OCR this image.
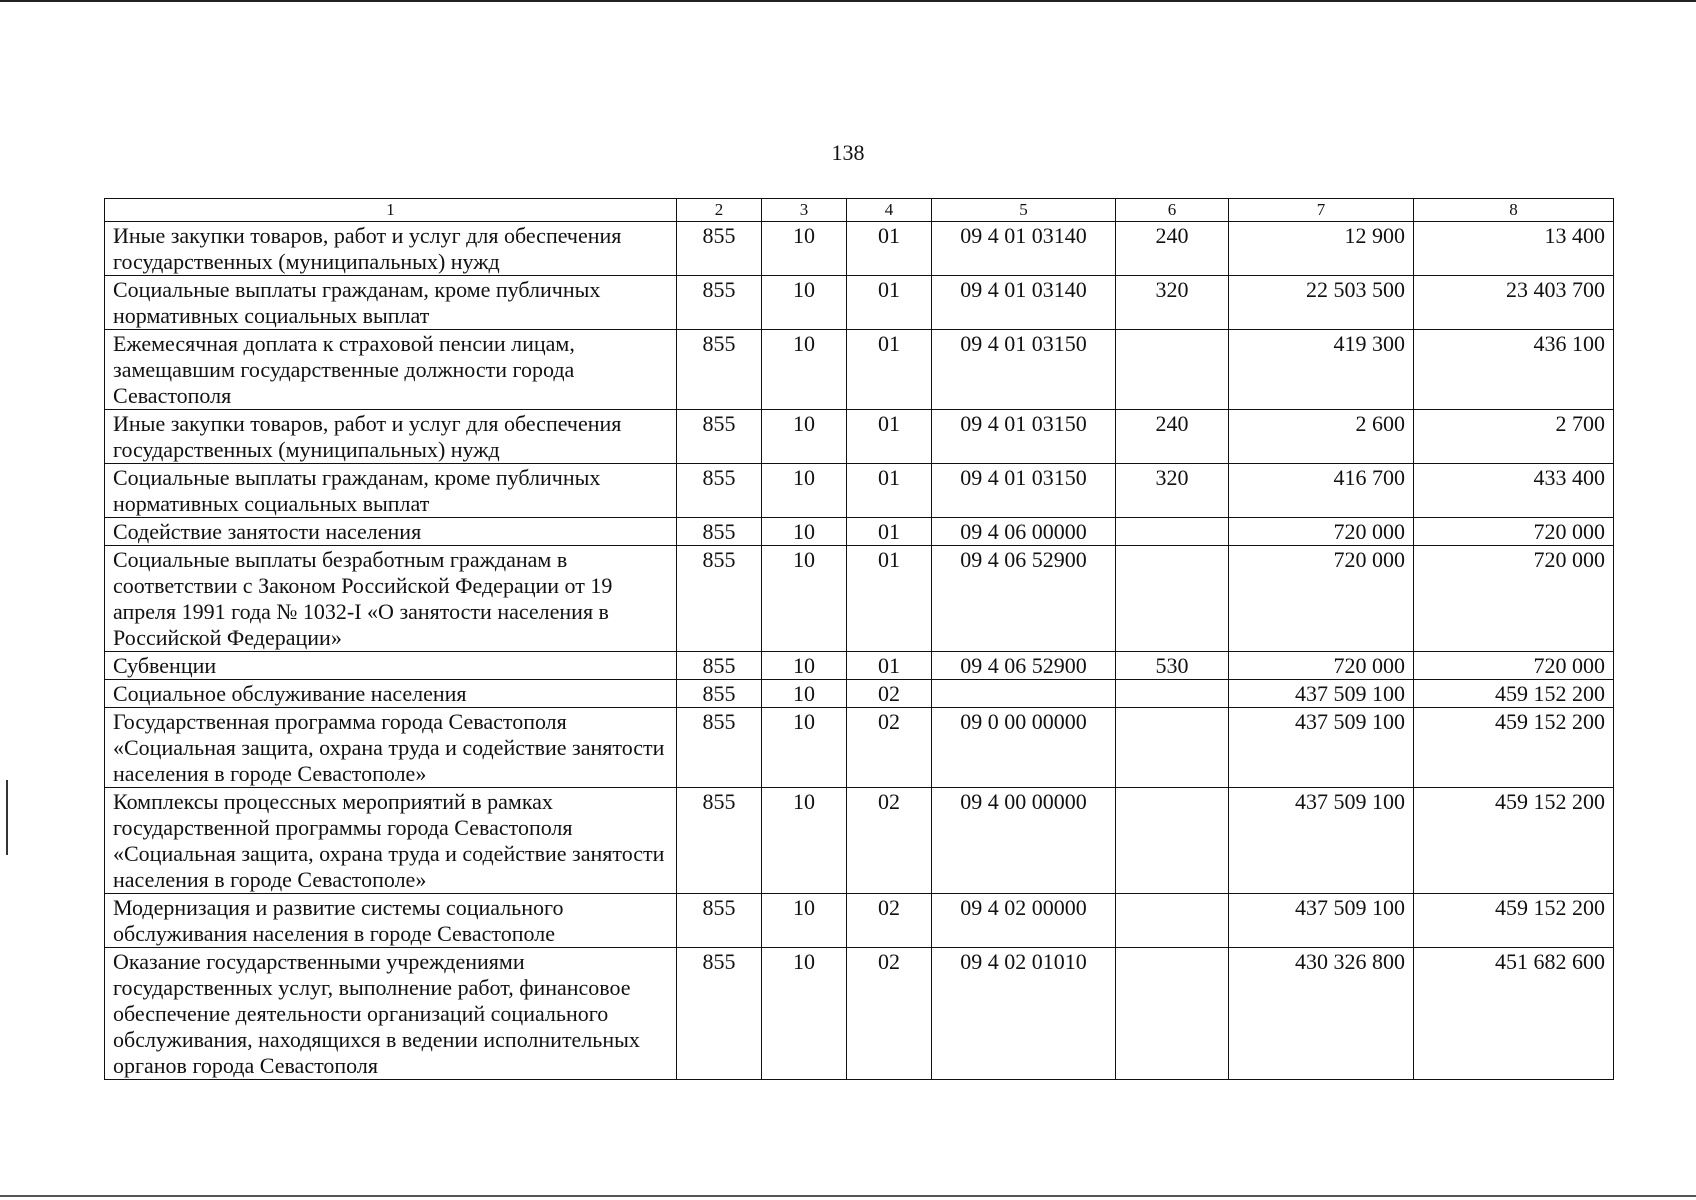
138
1	2	3	4	5	6	7	8
Иные закупки товаров, работ и услуг для обеспечения государственных (муниципальных) нужд	855	10	01	09 4 01 03140	240	12 900	13 400
Социальные выплаты гражданам, кроме публичных нормативных социальных выплат	855	10	01	09 4 01 03140	320	22 503 500	23 403 700
Ежемесячная доплата к страховой пенсии лицам, замещавшим государственные должности города Севастополя	855	10	01	09 4 01 03150		419 300	436 100
Иные закупки товаров, работ и услуг для обеспечения государственных (муниципальных) нужд	855	10	01	09 4 01 03150	240	2 600	2 700
Социальные выплаты гражданам, кроме публичных нормативных социальных выплат	855	10	01	09 4 01 03150	320	416 700	433 400
Содействие занятости населения	855	10	01	09 4 06 00000		720 000	720 000
Социальные выплаты безработным гражданам в соответствии с Законом Российской Федерации от 19 апреля 1991 года № 1032-I «О занятости населения в Российской Федерации»	855	10	01	09 4 06 52900		720 000	720 000
Субвенции	855	10	01	09 4 06 52900	530	720 000	720 000
Социальное обслуживание населения	855	10	02			437 509 100	459 152 200
Государственная программа города Севастополя «Социальная защита, охрана труда и содействие занятости населения в городе Севастополе»	855	10	02	09 0 00 00000		437 509 100	459 152 200
Комплексы процессных мероприятий в рамках государственной программы города Севастополя «Социальная защита, охрана труда и содействие занятости населения в городе Севастополе»	855	10	02	09 4 00 00000		437 509 100	459 152 200
Модернизация и развитие системы социального обслуживания населения в городе Севастополе	855	10	02	09 4 02 00000		437 509 100	459 152 200
Оказание государственными учреждениями государственных услуг, выполнение работ, финансовое обеспечение деятельности организаций социального обслуживания, находящихся в ведении исполнительных органов города Севастополя	855	10	02	09 4 02 01010		430 326 800	451 682 600
